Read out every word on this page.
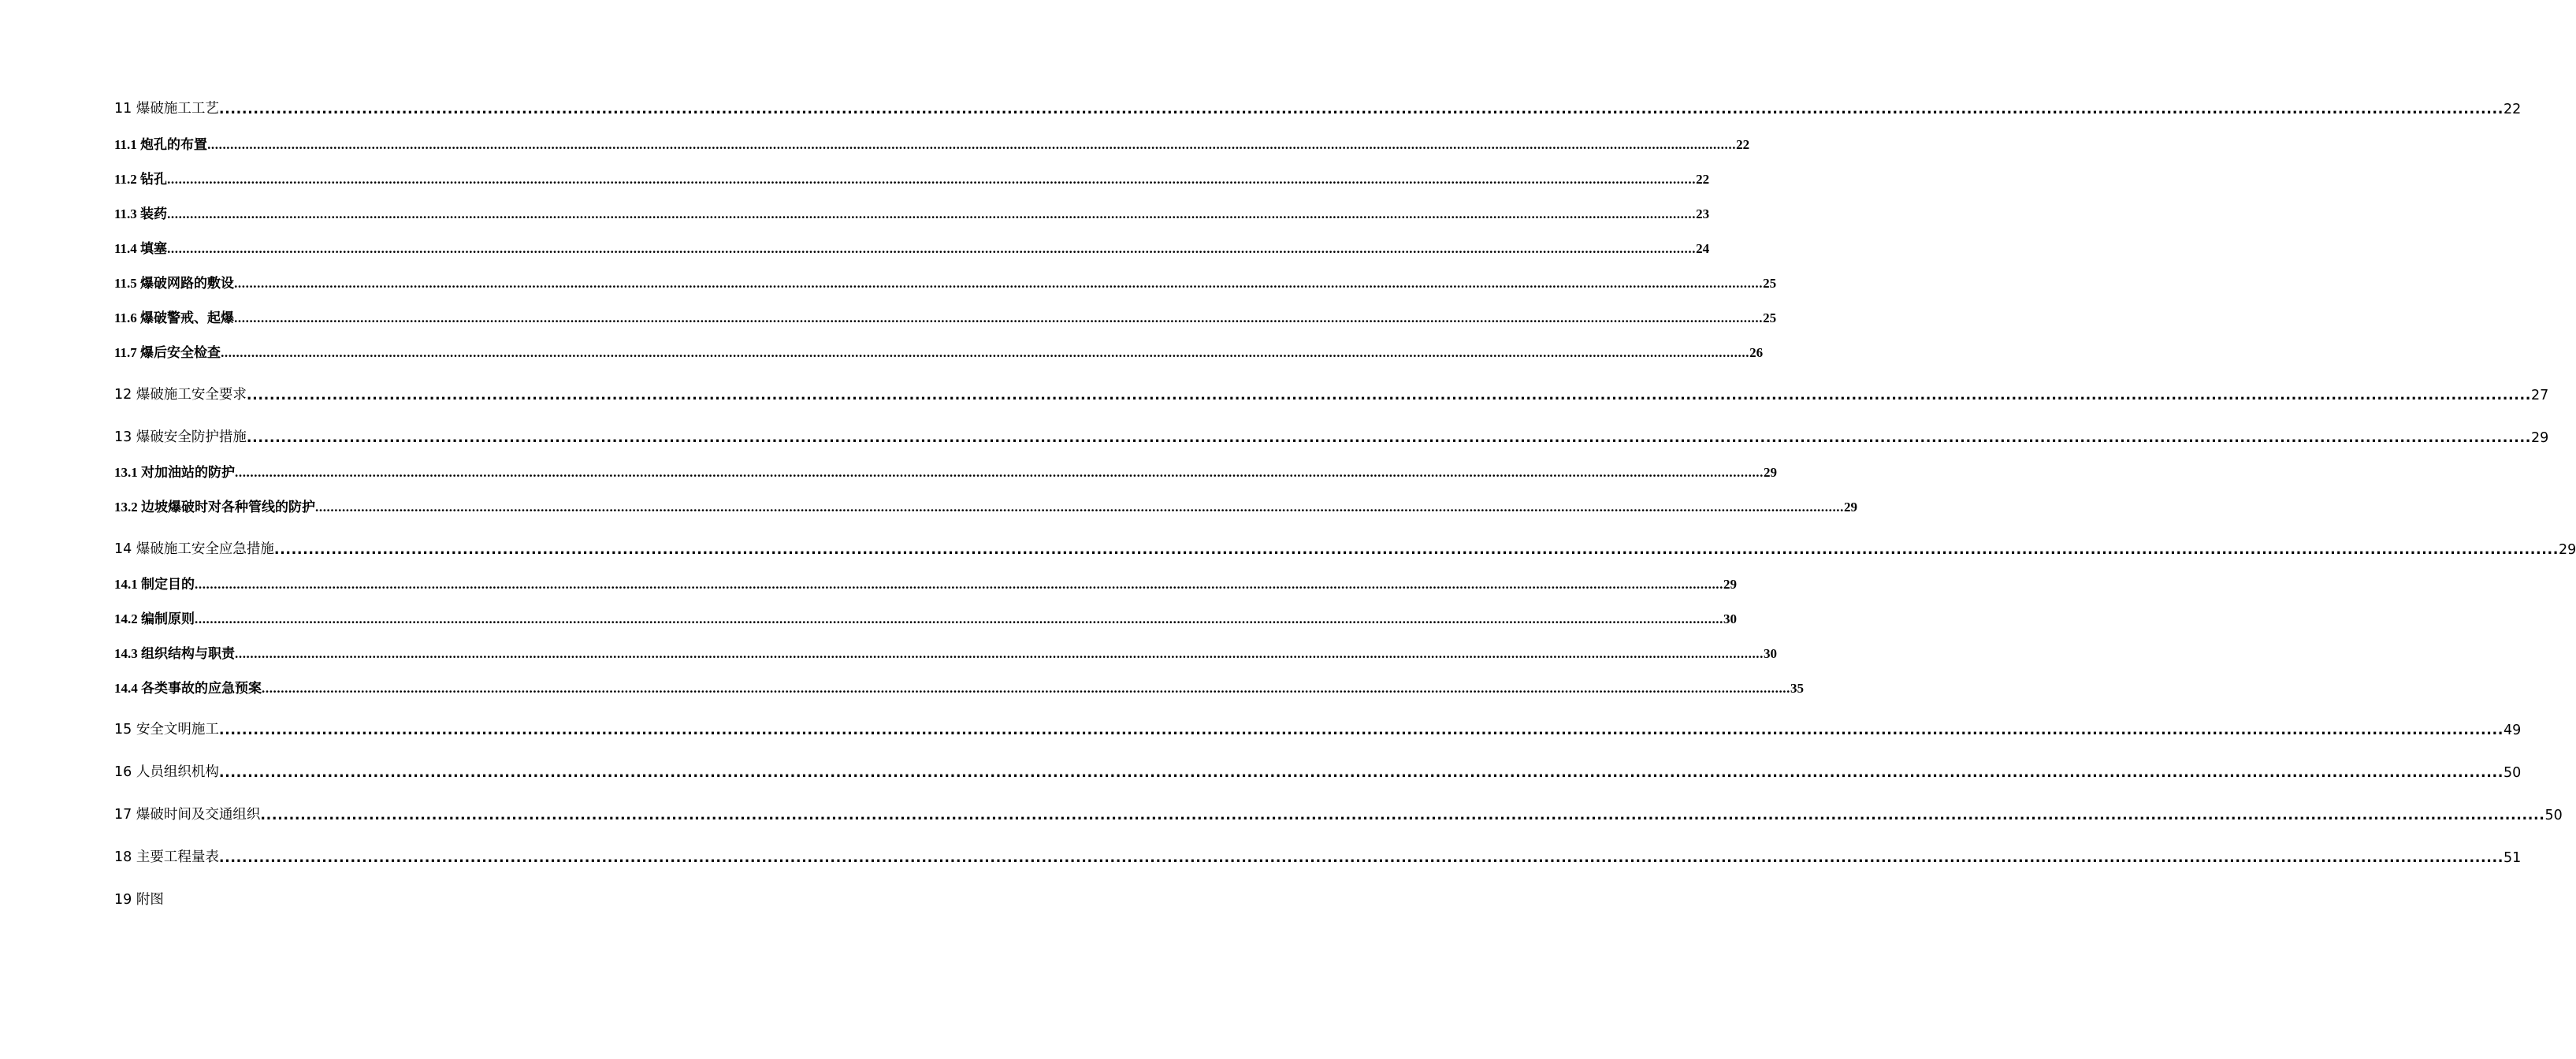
11 爆破施工工艺 ................................................................................................................................................................................................................................................................................................................................................................................................................ 22
11.1 炮孔的布置 ................................................................................................................................................................................................................................................................................................................................................................................................................ 22
11.2 钻孔 ................................................................................................................................................................................................................................................................................................................................................................................................................ 22
11.3 装药 ................................................................................................................................................................................................................................................................................................................................................................................................................ 23
11.4 填塞 ................................................................................................................................................................................................................................................................................................................................................................................................................ 24
11.5 爆破网路的敷设 ................................................................................................................................................................................................................................................................................................................................................................................................................ 25
11.6 爆破警戒、起爆 ................................................................................................................................................................................................................................................................................................................................................................................................................ 25
11.7 爆后安全检查 ................................................................................................................................................................................................................................................................................................................................................................................................................ 26
12 爆破施工安全要求 ................................................................................................................................................................................................................................................................................................................................................................................................................ 27
13 爆破安全防护措施 ................................................................................................................................................................................................................................................................................................................................................................................................................ 29
13.1 对加油站的防护 ................................................................................................................................................................................................................................................................................................................................................................................................................ 29
13.2 边坡爆破时对各种管线的防护 ................................................................................................................................................................................................................................................................................................................................................................................................................ 29
14 爆破施工安全应急措施 ................................................................................................................................................................................................................................................................................................................................................................................................................ 29
14.1 制定目的 ................................................................................................................................................................................................................................................................................................................................................................................................................ 29
14.2 编制原则 ................................................................................................................................................................................................................................................................................................................................................................................................................ 30
14.3 组织结构与职责 ................................................................................................................................................................................................................................................................................................................................................................................................................ 30
14.4 各类事故的应急预案 ................................................................................................................................................................................................................................................................................................................................................................................................................ 35
15 安全文明施工 ................................................................................................................................................................................................................................................................................................................................................................................................................ 49
16 人员组织机构 ................................................................................................................................................................................................................................................................................................................................................................................................................ 50
17 爆破时间及交通组织 ................................................................................................................................................................................................................................................................................................................................................................................................................ 50
18 主要工程量表 ................................................................................................................................................................................................................................................................................................................................................................................................................ 51
19 附图
